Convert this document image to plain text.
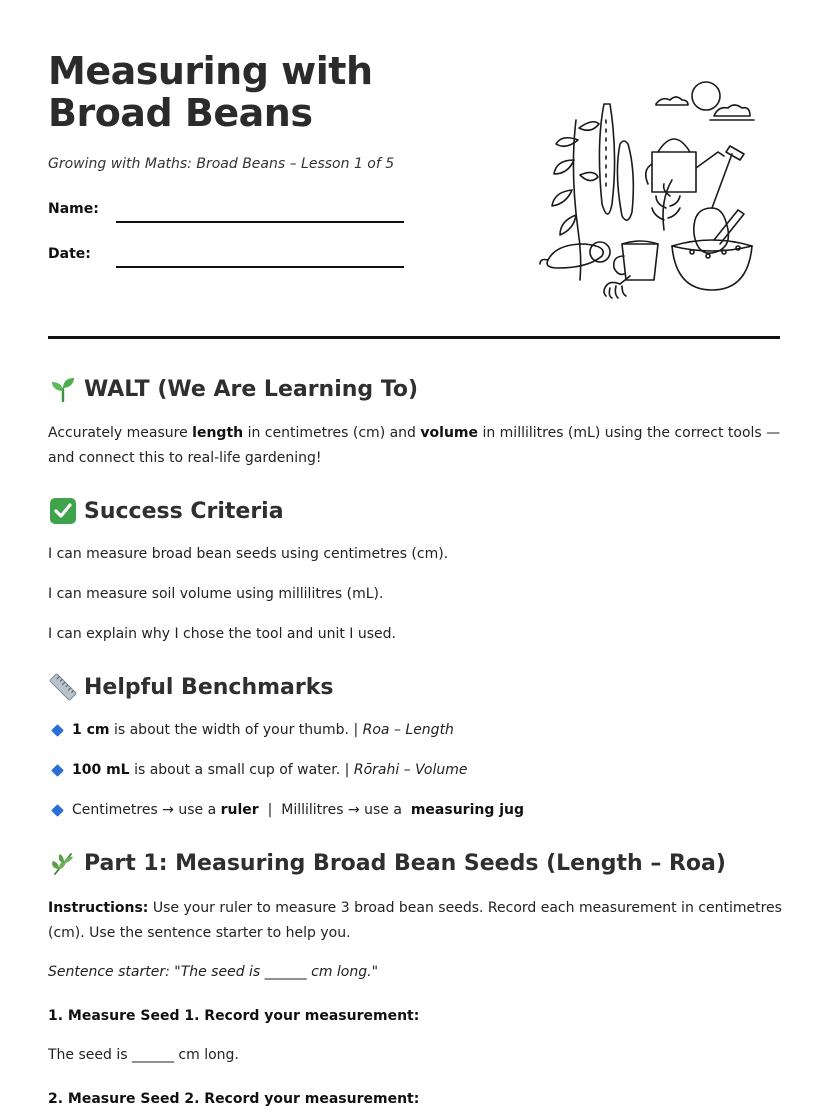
Measuring with Broad Beans
Growing with Maths: Broad Beans – Lesson 1 of 5
Name:
Date:
WALT (We Are Learning To)
Accurately measure length in centimetres (cm) and volume in millilitres (mL) using the correct tools — and connect this to real-life gardening!
Success Criteria
I can measure broad bean seeds using centimetres (cm).
I can measure soil volume using millilitres (mL).
I can explain why I chose the tool and unit I used.
Helpful Benchmarks
1 cm
is about the width of your thumb. |
Roa – Length
100 mL
is about a small cup of water. |
Rōrahi – Volume
Centimetres → use a
ruler |  Millilitres → use a
measuring jug
Part 1: Measuring Broad Bean Seeds (Length – Roa)
Instructions: Use your ruler to measure 3 broad bean seeds. Record each measurement in centimetres (cm). Use the sentence starter to help you.
Sentence starter: "The seed is ______ cm long."
1. Measure Seed 1. Record your measurement:
The seed is ______ cm long.
2. Measure Seed 2. Record your measurement:
